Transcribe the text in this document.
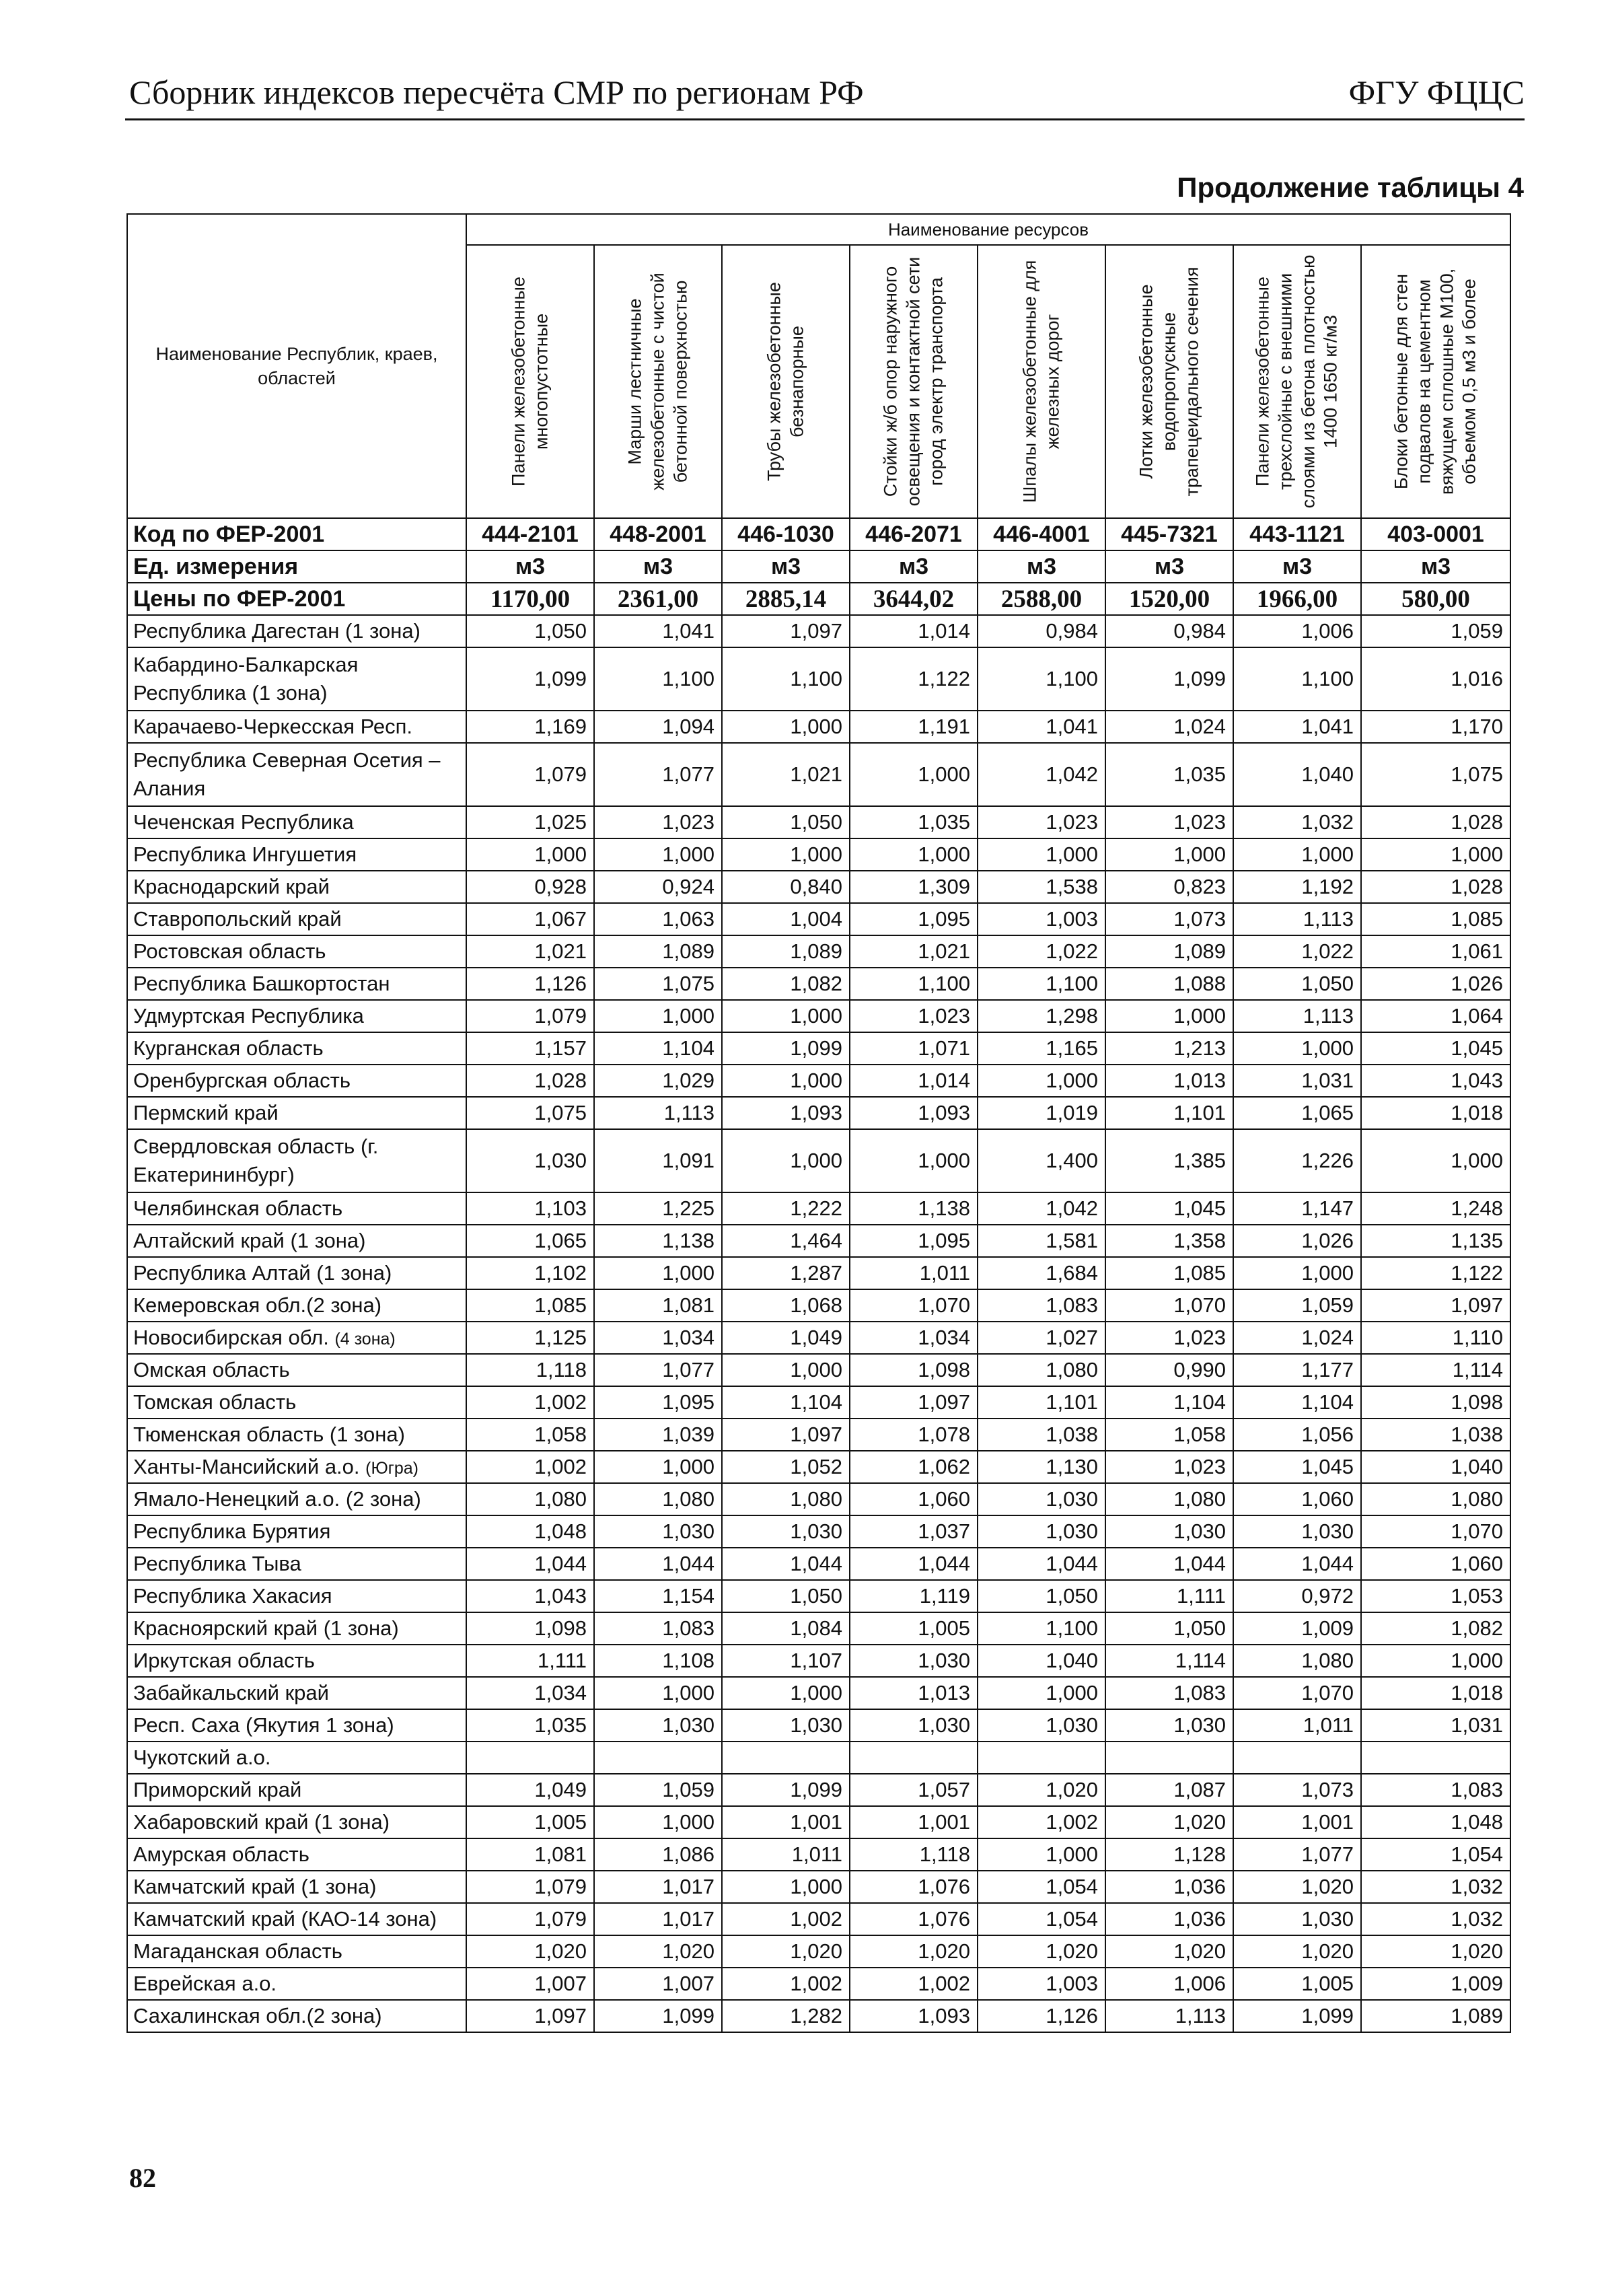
Сборник индексов пересчёта СМР по регионам РФ	ФГУ ФЦЦС
Продолжение таблицы 4
Наименование Республик, краев, областей	Наименование ресурсов							

	Панели железобетонные многопустотные	Марши лестничные железобетонные с чистой бетонной поверхностью	Трубы железобетонные безнапорные	Стойки ж/б опор наружного освещения и контактной сети город электр транспорта	Шпалы железобетонные для железных дорог	Лотки железобетонные водопропускные трапецеидального сечения	Панели железобетонные трехслойные с внешними слоями из бетона плотностью 1400 1650 кг/м3	Блоки бетонные для стен подвалов на цементном вяжущем сплошные М100, объемом 0,5 м3 и более

Код по ФЕР-2001	444-2101	448-2001	446-1030	446-2071	446-4001	445-7321	443-1121	403-0001
Ед. измерения	м3	м3	м3	м3	м3	м3	м3	м3
Цены по ФЕР-2001	1170,00	2361,00	2885,14	3644,02	2588,00	1520,00	1966,00	580,00
Республика Дагестан (1 зона)	1,050	1,041	1,097	1,014	0,984	0,984	1,006	1,059
Кабардино-Балкарская Республика (1 зона)	1,099	1,100	1,100	1,122	1,100	1,099	1,100	1,016
Карачаево-Черкесская Респ.	1,169	1,094	1,000	1,191	1,041	1,024	1,041	1,170
Республика Северная Осетия – Алания	1,079	1,077	1,021	1,000	1,042	1,035	1,040	1,075
Чеченская Республика	1,025	1,023	1,050	1,035	1,023	1,023	1,032	1,028
Республика Ингушетия	1,000	1,000	1,000	1,000	1,000	1,000	1,000	1,000
Краснодарский край	0,928	0,924	0,840	1,309	1,538	0,823	1,192	1,028
Ставропольский край	1,067	1,063	1,004	1,095	1,003	1,073	1,113	1,085
Ростовская область	1,021	1,089	1,089	1,021	1,022	1,089	1,022	1,061
Республика Башкортостан	1,126	1,075	1,082	1,100	1,100	1,088	1,050	1,026
Удмуртская Республика	1,079	1,000	1,000	1,023	1,298	1,000	1,113	1,064
Курганская область	1,157	1,104	1,099	1,071	1,165	1,213	1,000	1,045
Оренбургская область	1,028	1,029	1,000	1,014	1,000	1,013	1,031	1,043
Пермский край	1,075	1,113	1,093	1,093	1,019	1,101	1,065	1,018
Свердловская область (г. Екатерининбург)	1,030	1,091	1,000	1,000	1,400	1,385	1,226	1,000
Челябинская область	1,103	1,225	1,222	1,138	1,042	1,045	1,147	1,248
Алтайский край (1 зона)	1,065	1,138	1,464	1,095	1,581	1,358	1,026	1,135
Республика Алтай (1 зона)	1,102	1,000	1,287	1,011	1,684	1,085	1,000	1,122
Кемеровская обл.(2 зона)	1,085	1,081	1,068	1,070	1,083	1,070	1,059	1,097
Новосибирская обл. (4 зона)	1,125	1,034	1,049	1,034	1,027	1,023	1,024	1,110
Омская область	1,118	1,077	1,000	1,098	1,080	0,990	1,177	1,114
Томская область	1,002	1,095	1,104	1,097	1,101	1,104	1,104	1,098
Тюменская область (1 зона)	1,058	1,039	1,097	1,078	1,038	1,058	1,056	1,038
Ханты-Мансийский а.о. (Югра)	1,002	1,000	1,052	1,062	1,130	1,023	1,045	1,040
Ямало-Ненецкий а.о. (2 зона)	1,080	1,080	1,080	1,060	1,030	1,080	1,060	1,080
Республика Бурятия	1,048	1,030	1,030	1,037	1,030	1,030	1,030	1,070
Республика Тыва	1,044	1,044	1,044	1,044	1,044	1,044	1,044	1,060
Республика Хакасия	1,043	1,154	1,050	1,119	1,050	1,111	0,972	1,053
Красноярский край (1 зона)	1,098	1,083	1,084	1,005	1,100	1,050	1,009	1,082
Иркутская область	1,111	1,108	1,107	1,030	1,040	1,114	1,080	1,000
Забайкальский край	1,034	1,000	1,000	1,013	1,000	1,083	1,070	1,018
Респ. Саха (Якутия 1 зона)	1,035	1,030	1,030	1,030	1,030	1,030	1,011	1,031
Чукотский а.о.								
Приморский край	1,049	1,059	1,099	1,057	1,020	1,087	1,073	1,083
Хабаровский край (1 зона)	1,005	1,000	1,001	1,001	1,002	1,020	1,001	1,048
Амурская область	1,081	1,086	1,011	1,118	1,000	1,128	1,077	1,054
Камчатский край (1 зона)	1,079	1,017	1,000	1,076	1,054	1,036	1,020	1,032
Камчатский край (КАО-14 зона)	1,079	1,017	1,002	1,076	1,054	1,036	1,030	1,032
Магаданская область	1,020	1,020	1,020	1,020	1,020	1,020	1,020	1,020
Еврейская а.о.	1,007	1,007	1,002	1,002	1,003	1,006	1,005	1,009
Сахалинская обл.(2 зона)	1,097	1,099	1,282	1,093	1,126	1,113	1,099	1,089
82
